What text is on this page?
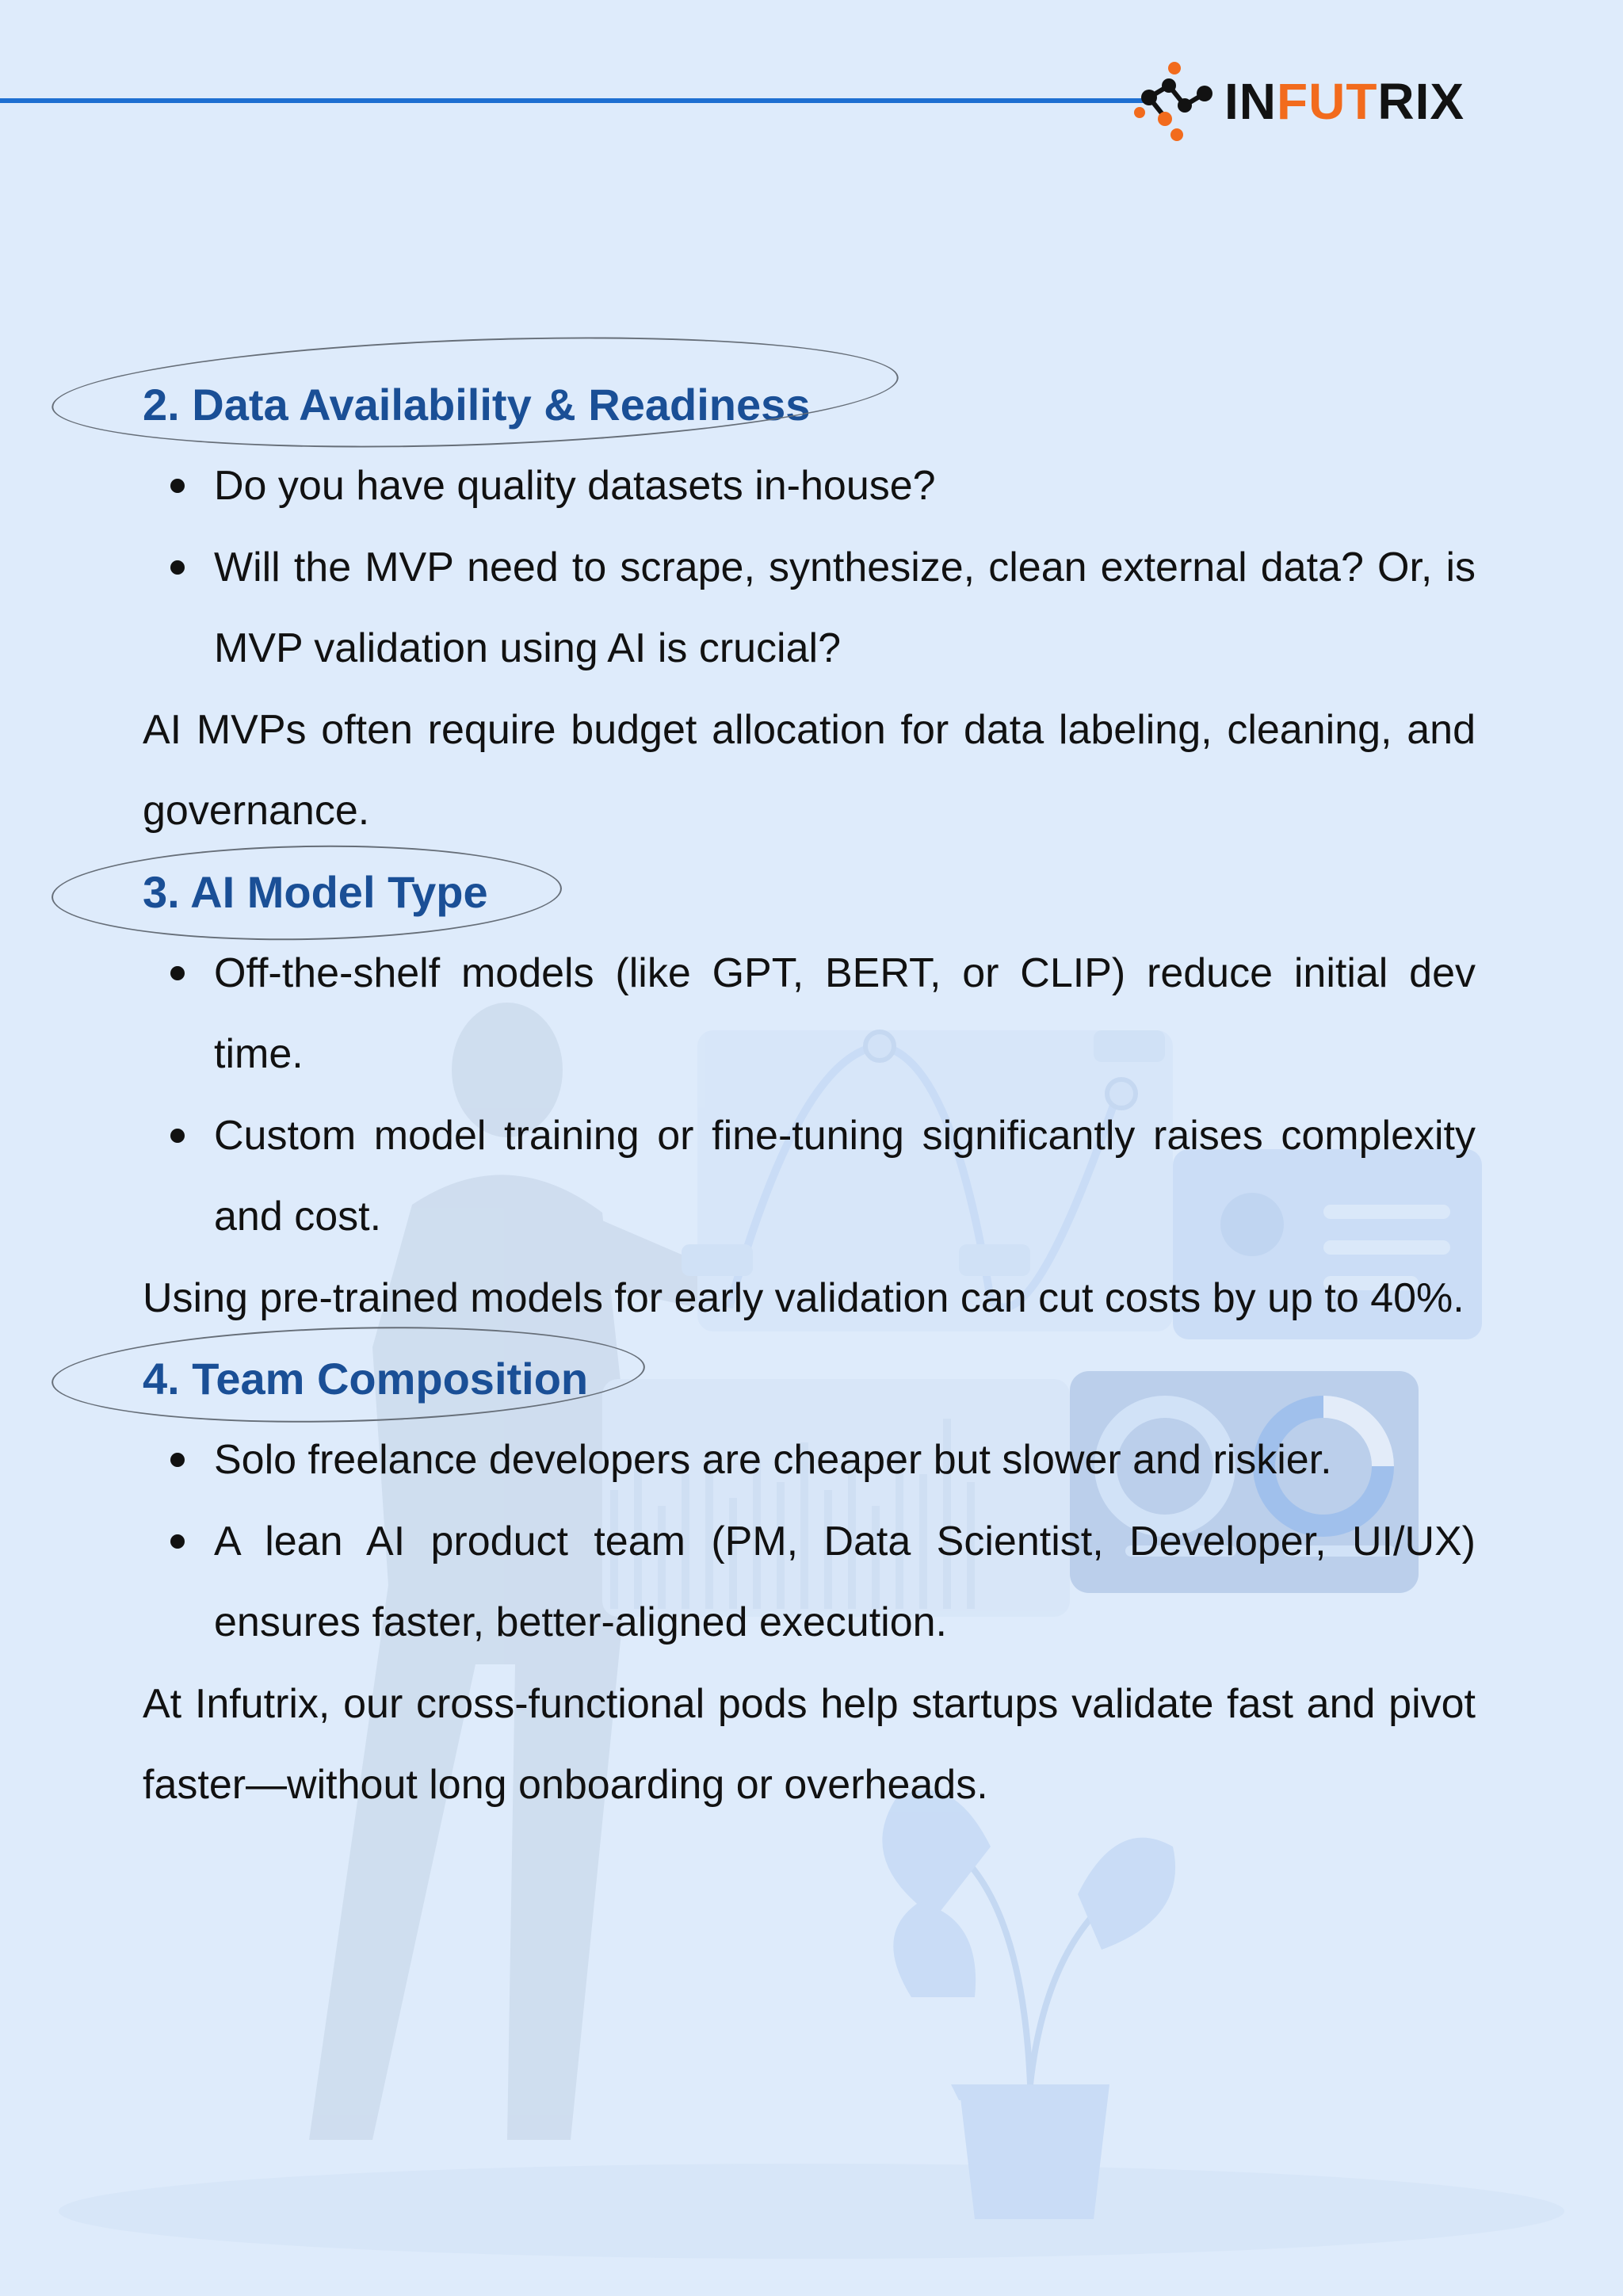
INFUTRIX
2. Data Availability & Readiness
Do you have quality datasets in-house?
Will the MVP need to scrape, synthesize, clean external data? Or, is MVP validation using AI is crucial?

AI MVPs often require budget allocation for data labeling, cleaning, and governance.

3. AI Model Type
Off-the-shelf models (like GPT, BERT, or CLIP) reduce initial dev time.
Custom model training or fine-tuning significantly raises complexity and cost.

Using pre-trained models for early validation can cut costs by up to 40%.

4. Team Composition
Solo freelance developers are cheaper but slower and riskier.
A lean AI product team (PM, Data Scientist, Developer, UI/UX) ensures faster, better-aligned execution.

At Infutrix, our cross-functional pods help startups validate fast and pivot faster—without long onboarding or overheads.
